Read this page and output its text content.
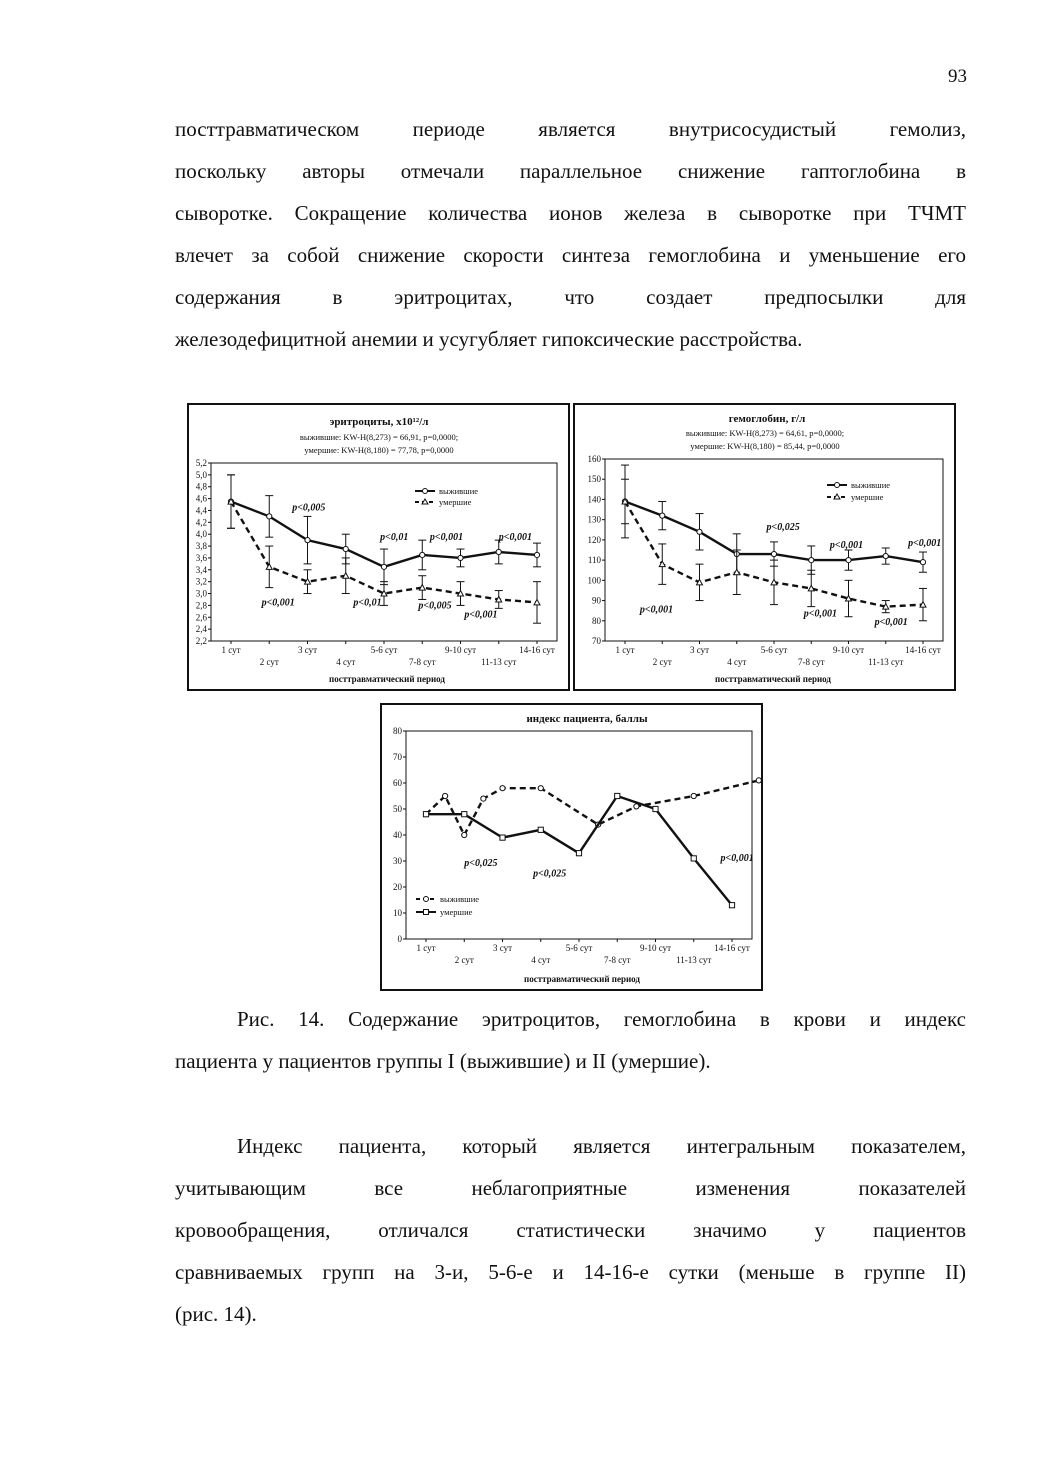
93

посттравматическом периоде является внутрисосудистый гемолиз,
поскольку авторы отмечали параллельное снижение гаптоглобина в
сыворотке. Сокращение количества ионов железа в сыворотке при ТЧМТ
влечет за собой снижение скорости синтеза гемоглобина и уменьшение его
содержания в эритроцитах, что создает предпосылки для
железодефицитной анемии и усугубляет гипоксические расстройства.

эритроциты, х10¹²/л
выжившие: KW-H(8,273) = 66,91, p=0,0000;
умершие: KW-H(8,180) = 77,78, p=0,0000
посттравматический период
выжившие
умершие
2,2
2,4
2,6
2,8
3,0
3,2
3,4
3,6
3,8
4,0
4,2
4,4
4,6
4,8
5,0
5,2
1 сут
2 сут
3 сут
4 сут
5-6 сут
7-8 сут
9-10 сут
11-13 сут
14-16 сут
p<0,005
p<0,001	p<0,01
p<0,01 p<0,001
p<0,005
p<0,001
p<0,001
гемоглобин, г/л
выжившие: KW-H(8,273) = 64,61, p=0,0000;
умершие: KW-H(8,180) = 85,44, p=0,0000
посттравматический период
выжившие
умершие
70
80
90
100
110
120
130
140
150
160
1 сут
2 сут
3 сут
4 сут
5-6 сут
7-8 сут
9-10 сут
11-13 сут
14-16 сут
p<0,025
p<0,001
p<0,001
p<0,001
p<0,001
p<0,001
индекс пациента, баллы
посттравматический период
выжившие
умершие
0
10
20
30
40
50
60
70
80
1 сут
2 сут
3 сут
4 сут
5-6 сут
7-8 сут
9-10 сут
11-13 сут
14-16 сут
p<0,025
p<0,025
p<0,001

Рис. 14. Содержание эритроцитов, гемоглобина в крови и индекс
пациента у пациентов группы I (выжившие) и II (умершие).

Индекс пациента, который является интегральным показателем,
учитывающим все неблагоприятные изменения показателей
кровообращения, отличался статистически значимо у пациентов
сравниваемых групп на 3-и, 5-6-е и 14-16-е сутки (меньше в группе II)
(рис. 14).
